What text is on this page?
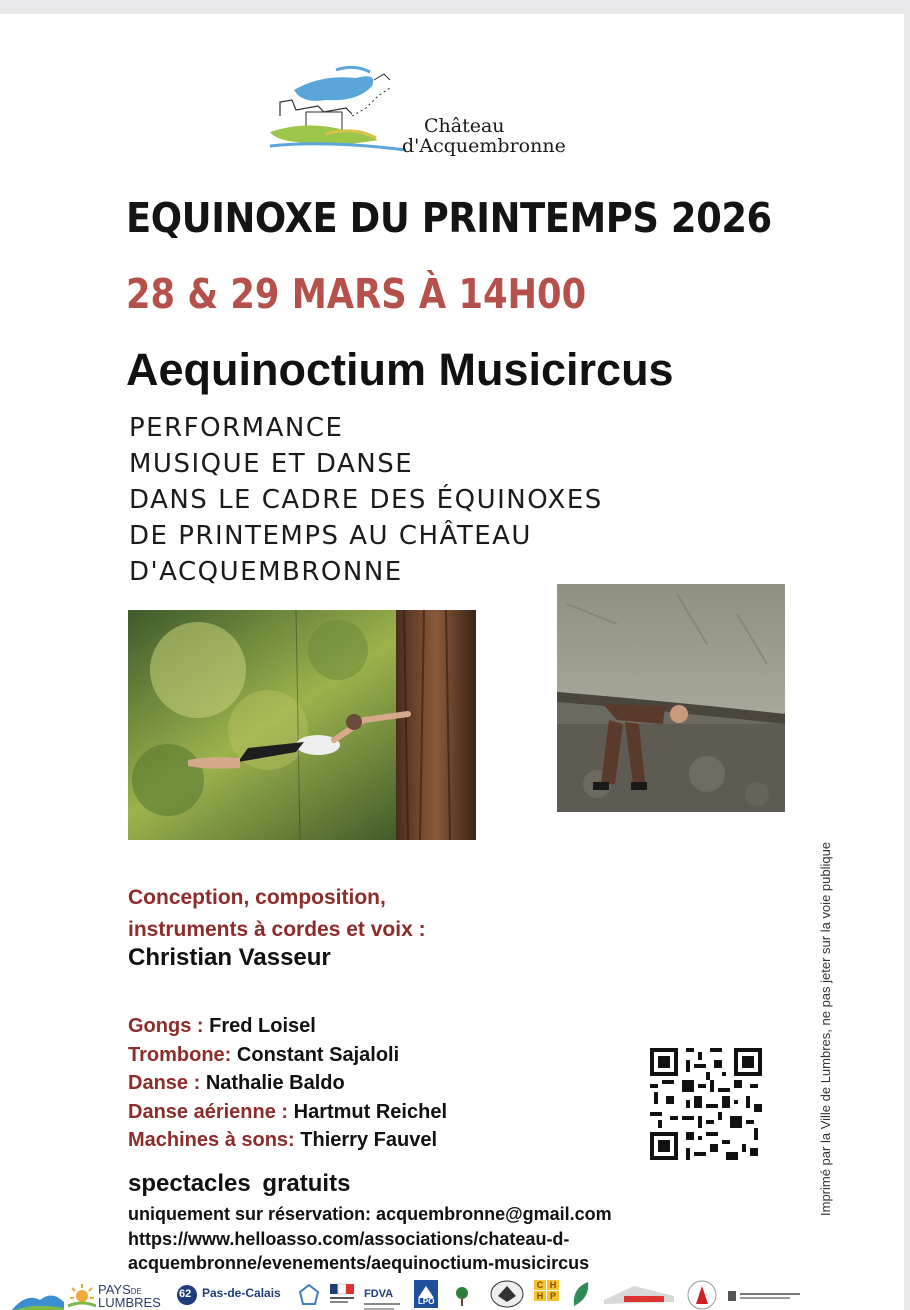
Château
d'Acquembronne
EQUINOXE DU PRINTEMPS 2026
28 & 29 MARS À 14H00
Aequinoctium Musicircus
PERFORMANCE
MUSIQUE ET DANSE
DANS LE CADRE DES ÉQUINOXES
DE PRINTEMPS AU CHÂTEAU
D'ACQUEMBRONNE
Conception, composition,
instruments à cordes et voix :
Christian Vasseur
Gongs : Fred Loisel
Trombone: Constant Sajaloli
Danse : Nathalie Baldo
Danse aérienne : Hartmut Reichel
Machines à sons: Thierry Fauvel
spectacles gratuits
uniquement sur réservation: acquembronne@gmail.com
https://www.helloasso.com/associations/chateau-d-
acquembronne/evenements/aequinoctium-musicircus
Imprimé par la Ville de Lumbres, ne pas jeter sur la voie publique
PAYSDE
LUMBRES
62 Pas-de-Calais	FDVA
LPO
C H
H P
